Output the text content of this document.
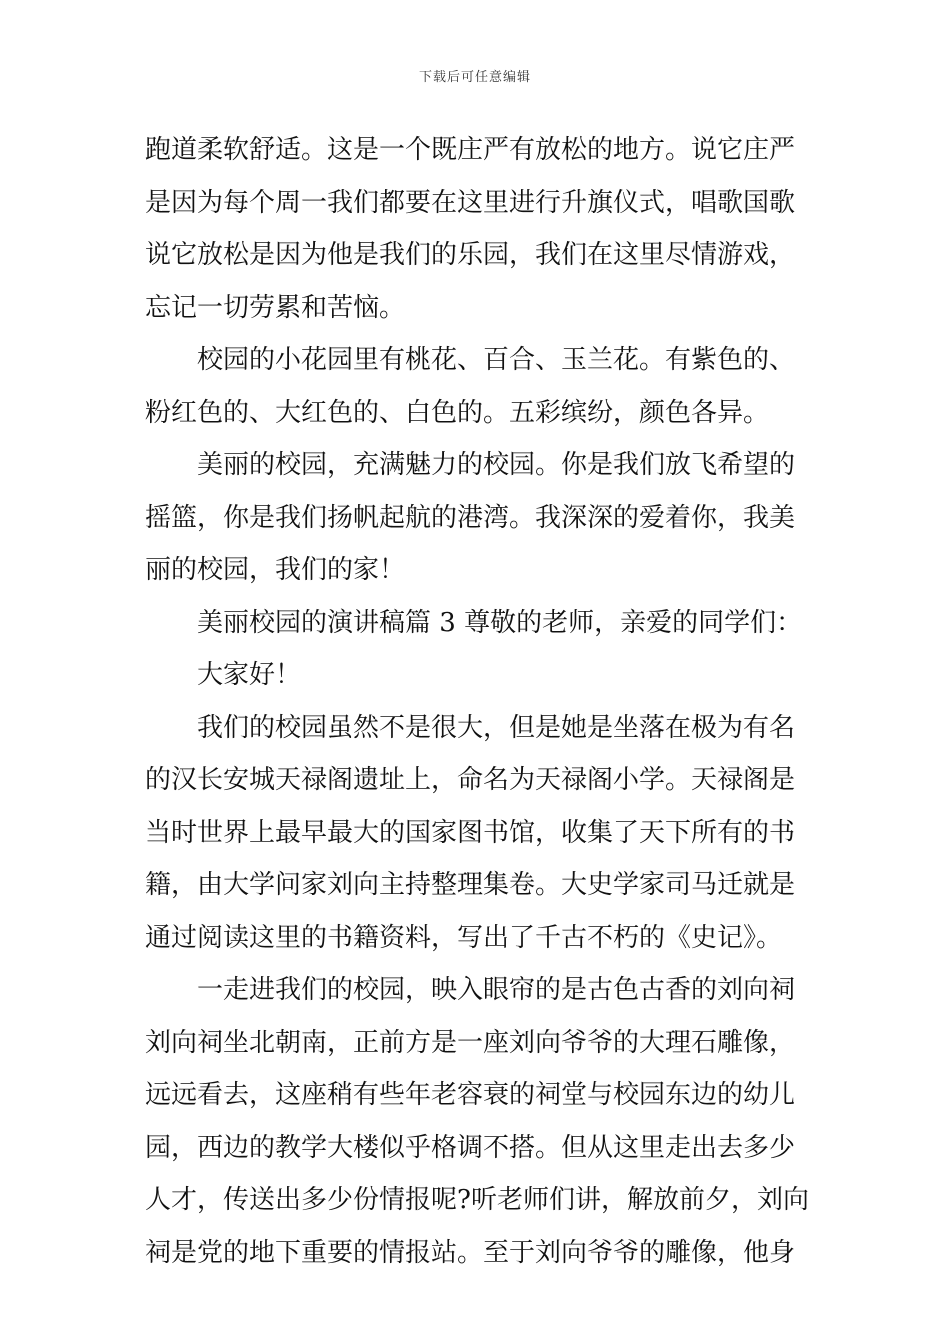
下载后可任意编辑
跑道柔软舒适。这是一个既庄严有放松的地方。说它庄严
是因为每个周一我们都要在这里进行升旗仪式，唱歌国歌
说它放松是因为他是我们的乐园，我们在这里尽情游戏，
忘记一切劳累和苦恼。
校园的小花园里有桃花、百合、玉兰花。有紫色的、
粉红色的、大红色的、白色的。五彩缤纷，颜色各异。
美丽的校园，充满魅力的校园。你是我们放飞希望的
摇篮，你是我们扬帆起航的港湾。我深深的爱着你，我美
丽的校园，我们的家！
美丽校园的演讲稿篇 3 尊敬的老师，亲爱的同学们：
大家好！
我们的校园虽然不是很大，但是她是坐落在极为有名
的汉长安城天禄阁遗址上，命名为天禄阁小学。天禄阁是
当时世界上最早最大的国家图书馆，收集了天下所有的书
籍，由大学问家刘向主持整理集卷。大史学家司马迁就是
通过阅读这里的书籍资料，写出了千古不朽的《史记》。
一走进我们的校园，映入眼帘的是古色古香的刘向祠
刘向祠坐北朝南，正前方是一座刘向爷爷的大理石雕像，
远远看去，这座稍有些年老容衰的祠堂与校园东边的幼儿
园，西边的教学大楼似乎格调不搭。但从这里走出去多少
人才，传送出多少份情报呢?听老师们讲，解放前夕，刘向
祠是党的地下重要的情报站。至于刘向爷爷的雕像，他身
